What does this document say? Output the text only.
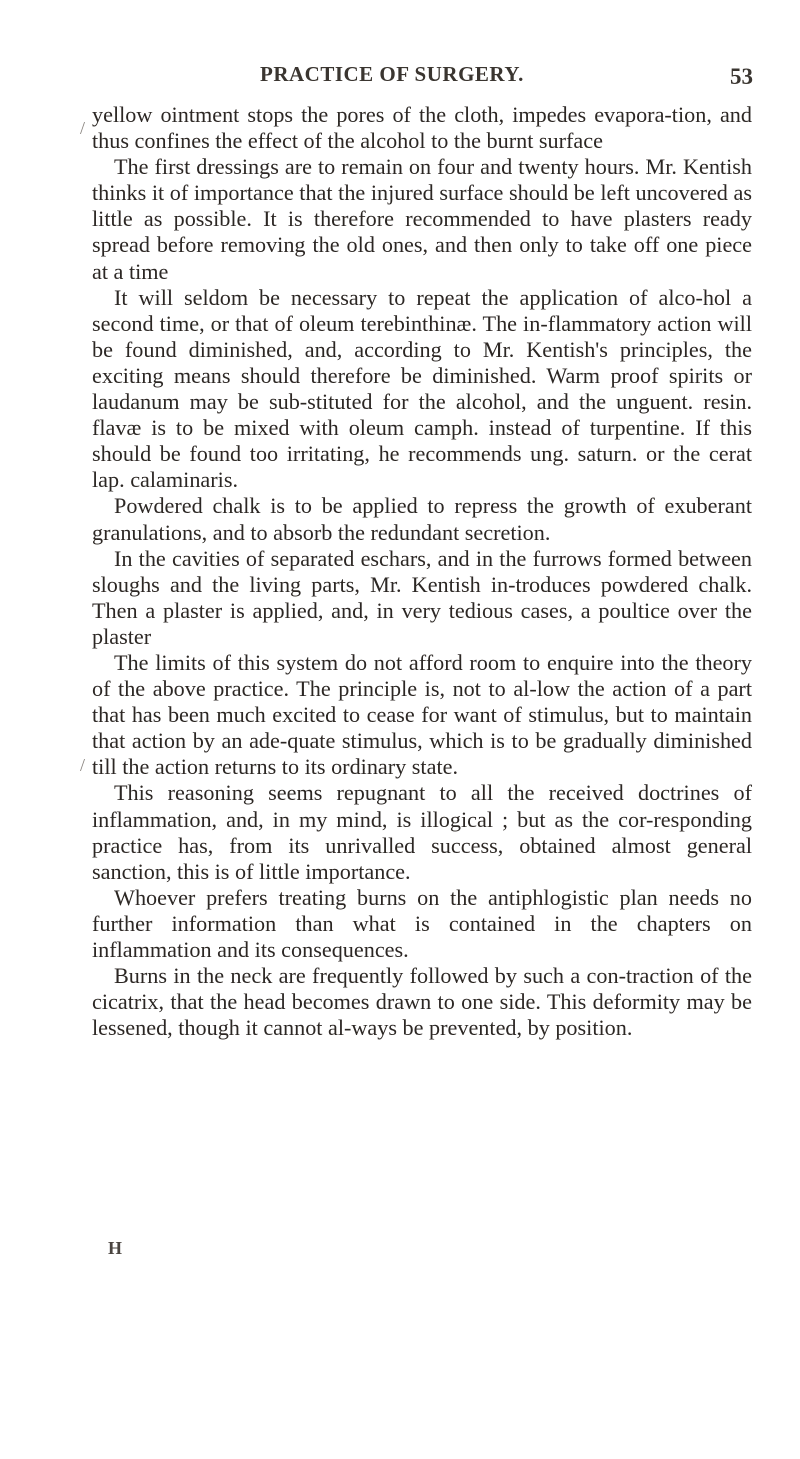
PRACTICE OF SURGERY.	53

yellow ointment stops the pores of the cloth, impedes evapora-tion, and thus confines the effect of the alcohol to the burnt surface

The first dressings are to remain on four and twenty hours. Mr. Kentish thinks it of importance that the injured surface should be left uncovered as little as possible. It is therefore recommended to have plasters ready spread before removing the old ones, and then only to take off one piece at a time

It will seldom be necessary to repeat the application of alco-hol a second time, or that of oleum terebinthinæ. The in-flammatory action will be found diminished, and, according to Mr. Kentish's principles, the exciting means should therefore be diminished. Warm proof spirits or laudanum may be sub-stituted for the alcohol, and the unguent. resin. flavæ is to be mixed with oleum camph. instead of turpentine. If this should be found too irritating, he recommends ung. saturn. or the cerat lap. calaminaris.

Powdered chalk is to be applied to repress the growth of exuberant granulations, and to absorb the redundant secretion.

In the cavities of separated eschars, and in the furrows formed between sloughs and the living parts, Mr. Kentish in-troduces powdered chalk. Then a plaster is applied, and, in very tedious cases, a poultice over the plaster

The limits of this system do not afford room to enquire into the theory of the above practice. The principle is, not to al-low the action of a part that has been much excited to cease for want of stimulus, but to maintain that action by an ade-quate stimulus, which is to be gradually diminished till the action returns to its ordinary state.

This reasoning seems repugnant to all the received doctrines of inflammation, and, in my mind, is illogical ; but as the cor-responding practice has, from its unrivalled success, obtained almost general sanction, this is of little importance.

Whoever prefers treating burns on the antiphlogistic plan needs no further information than what is contained in the chapters on inflammation and its consequences.

Burns in the neck are frequently followed by such a con-traction of the cicatrix, that the head becomes drawn to one side. This deformity may be lessened, though it cannot al-ways be prevented, by position.

H
/
/
